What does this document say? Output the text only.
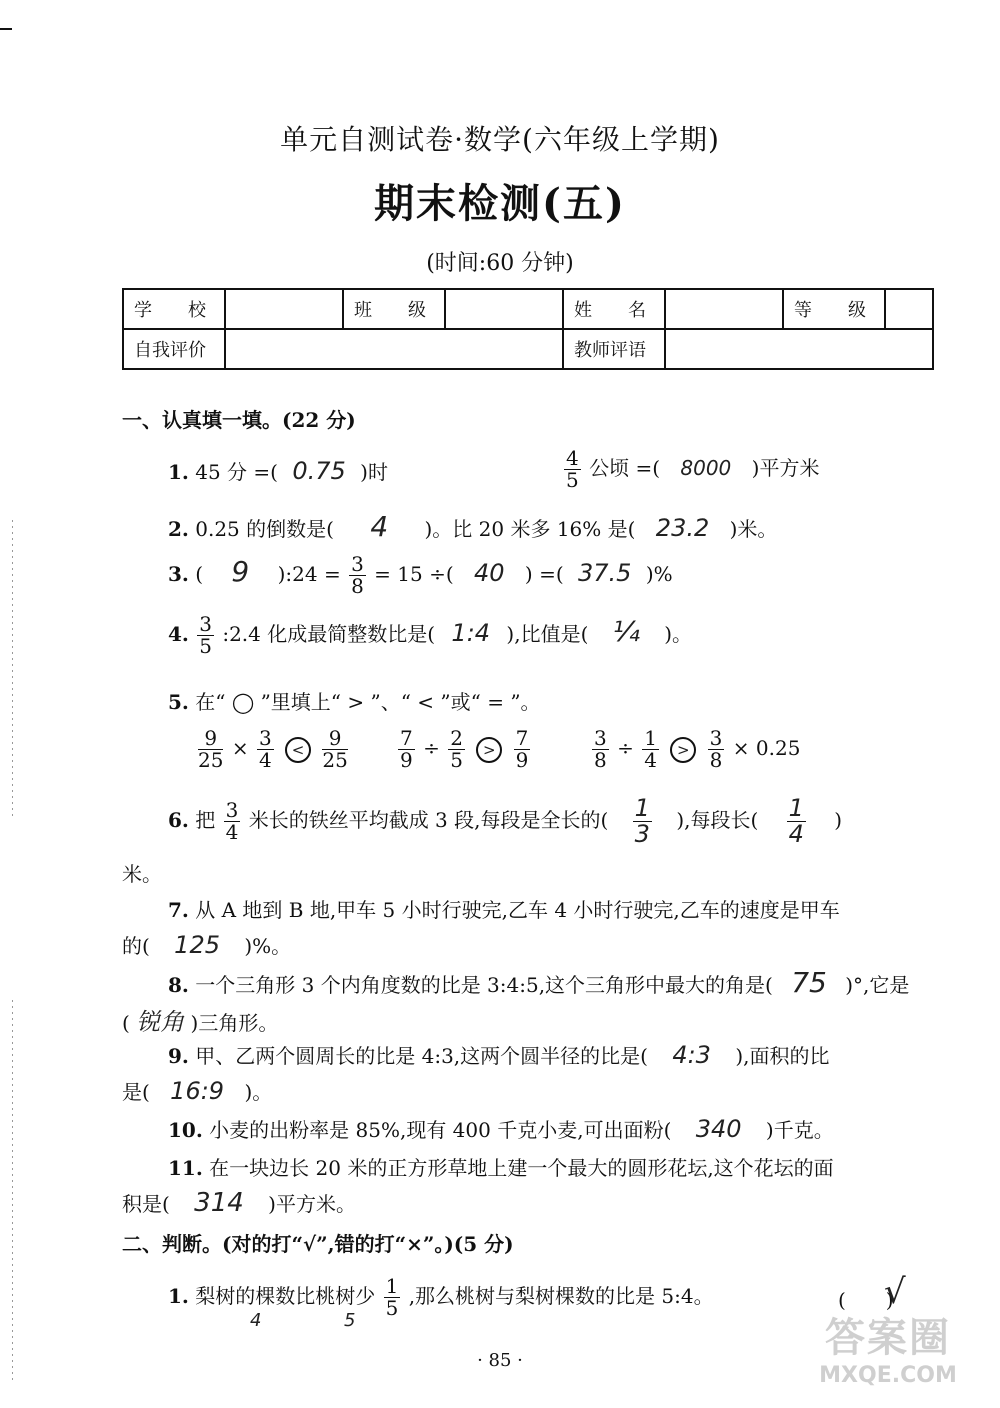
单元自测试卷·数学(六年级上学期)
期末检测(五)
(时间:60 分钟)
学　　校		班　　级		姓　　名		等　　级	
自我评价				教师评语			
一、认真填一填。(22 分)
1. 45 分 =( 0.75 )时	$\frac{4}{5}$ 公顷 =( 8000 )平方米
2. 0.25 的倒数是( 4 )。比 20 米多 16% 是( 23.2 )米。
3. ( 9 ):24 = $\frac{3}{8} = 15$ ÷( 40 ) =( 37.5 )%
4. $\frac{3}{5}$ :2.4 化成最简整数比是( 1:4 ),比值是( ¼ )。
5. 在“ ◯ ”里填上“ > ”、“ < ”或“ = ”。
$\frac{9}{25} \times \frac{3}{4} < \frac{9}{25}$	$\frac{7}{9} \div \frac{2}{5} > \frac{7}{9}$	$\frac{3}{8} \div \frac{1}{4} > \frac{3}{8} \times 0.25$
6. 把 $\frac{3}{4}$ 米长的铁丝平均截成 3 段,每段是全长的( $\frac{1}{3}$ ),每段长( $\frac{1}{4}$ )
米。
7. 从 A 地到 B 地,甲车 5 小时行驶完,乙车 4 小时行驶完,乙车的速度是甲车
的( 125 )%。
8. 一个三角形 3 个内角度数的比是 3:4:5,这个三角形中最大的角是( 75 )°,它是
( 锐角 )三角形。
9. 甲、乙两个圆周长的比是 4:3,这两个圆半径的比是( 4:3 ),面积的比
是( 16:9 )。
10. 小麦的出粉率是 85%,现有 400 千克小麦,可出面粉( 340 )千克。
11. 在一块边长 20 米的正方形草地上建一个最大的圆形花坛,这个花坛的面
积是( 314 )平方米。
二、判断。(对的打“√”,错的打“×”。)(5 分)
1. 梨树的棵数比桃树少 $\frac{1}{5}$ ,那么桃树与梨树棵数的比是 5:4。	(　　)
√
4	5
· 85 ·	答案圈
MXQE.COM
